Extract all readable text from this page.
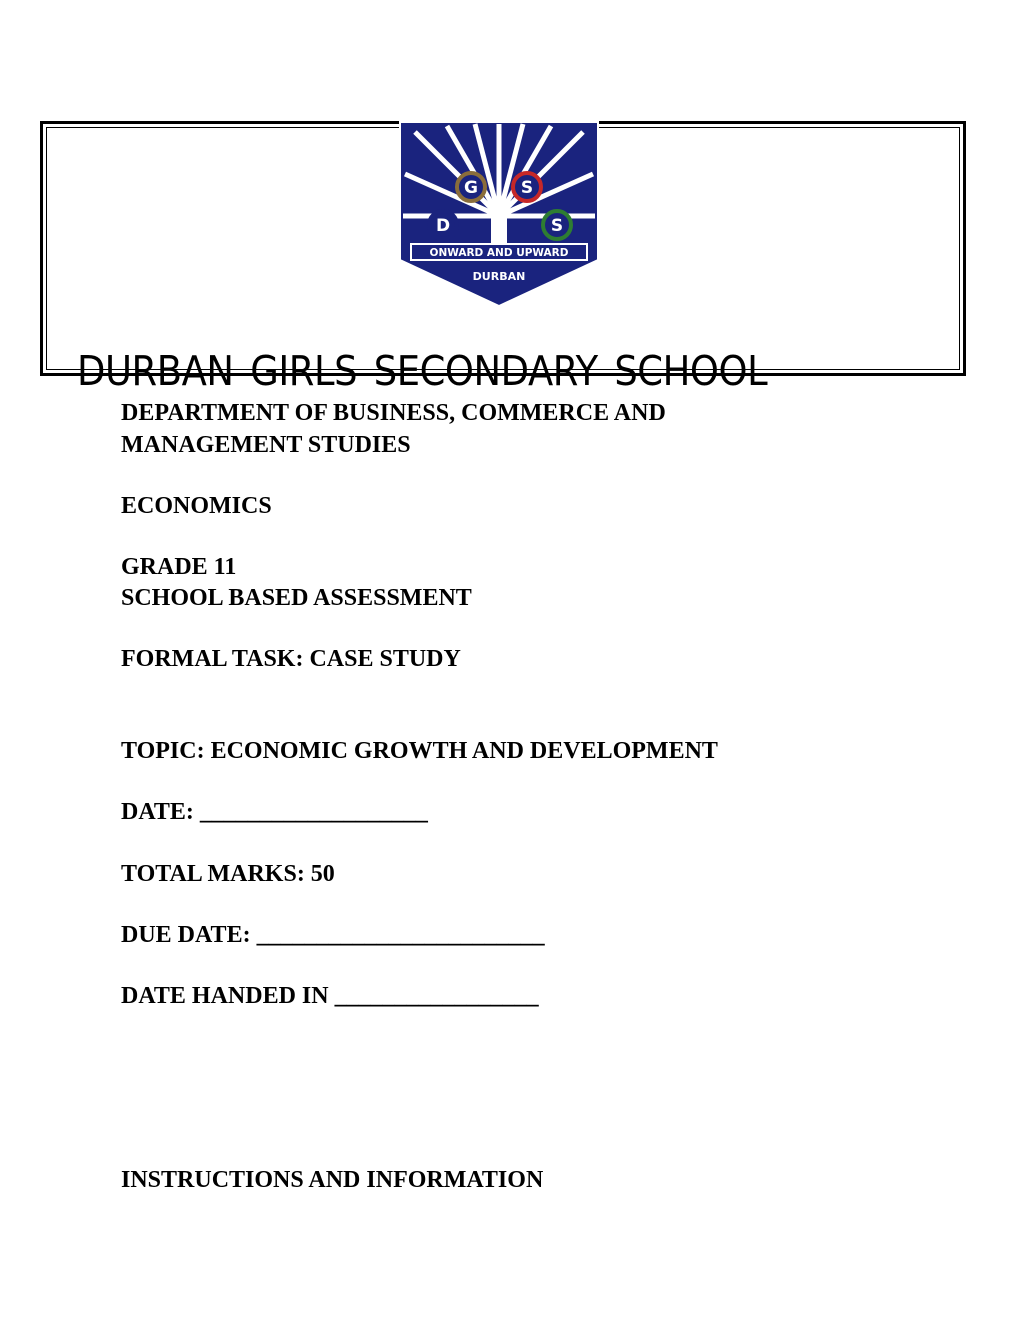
G	S
D	S
ONWARD AND UPWARD
DURBAN
DURBAN GIRLS SECONDARY SCHOOL

DEPARTMENT OF BUSINESS, COMMERCE AND

MANAGEMENT STUDIES

ECONOMICS

GRADE 11

SCHOOL BASED ASSESSMENT

FORMAL TASK: CASE STUDY

TOPIC: ECONOMIC GROWTH AND DEVELOPMENT

DATE: ___________________

TOTAL MARKS: 50

DUE DATE: ________________________

DATE HANDED IN _________________

INSTRUCTIONS AND INFORMATION
